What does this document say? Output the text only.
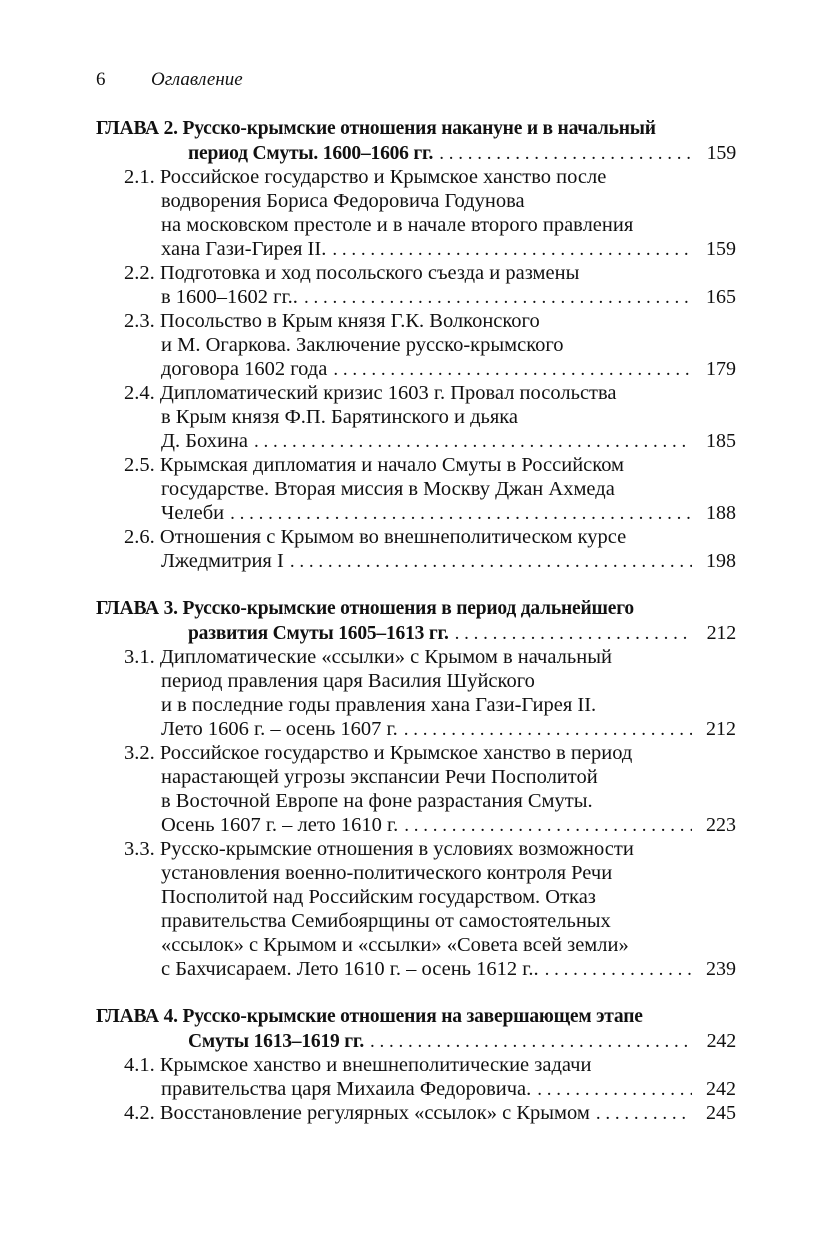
6 Оглавление
ГЛАВА 2. Русско-крымские отношения накануне и в начальный
период Смуты. 1600–1606 гг. . . .	159
2.1. Российское государство и Крымское ханство после
водворения Бориса Федоровича Годунова
на московском престоле и в начале второго правления
хана Гази-Гирея II. . . .	159
2.2. Подготовка и ход посольского съезда и размены
в 1600–1602 гг.. . . .	165
2.3. Посольство в Крым князя Г.К. Волконского
и М. Огаркова. Заключение русско-крымского
договора 1602 года . . .	179
2.4. Дипломатический кризис 1603 г. Провал посольства
в Крым князя Ф.П. Барятинского и дьяка
Д. Бохина . . .	185
2.5. Крымская дипломатия и начало Смуты в Российском
государстве. Вторая миссия в Москву Джан Ахмеда
Челеби . . .	188
2.6. Отношения с Крымом во внешнеполитическом курсе
Лжедмитрия I . . .	198
ГЛАВА 3. Русско-крымские отношения в период дальнейшего
развития Смуты 1605–1613 гг. . . .	212
3.1. Дипломатические «ссылки» с Крымом в начальный
период правления царя Василия Шуйского
и в последние годы правления хана Гази-Гирея II.
Лето 1606 г. – осень 1607 г. . . .	212
3.2. Российское государство и Крымское ханство в период
нарастающей угрозы экспансии Речи Посполитой
в Восточной Европе на фоне разрастания Смуты.
Осень 1607 г. – лето 1610 г. . . .	223
3.3. Русско-крымские отношения в условиях возможности
установления военно-политического контроля Речи
Посполитой над Российским государством. Отказ
правительства Семибоярщины от самостоятельных
«ссылок» с Крымом и «ссылки» «Совета всей земли»
с Бахчисараем. Лето 1610 г. – осень 1612 г.. . . .	239
ГЛАВА 4. Русско-крымские отношения на завершающем этапе
Смуты 1613–1619 гг. . . .	242
4.1. Крымское ханство и внешнеполитические задачи
правительства царя Михаила Федоровича. . . .	242
4.2. Восстановление регулярных «ссылок» с Крымом . . .	245
